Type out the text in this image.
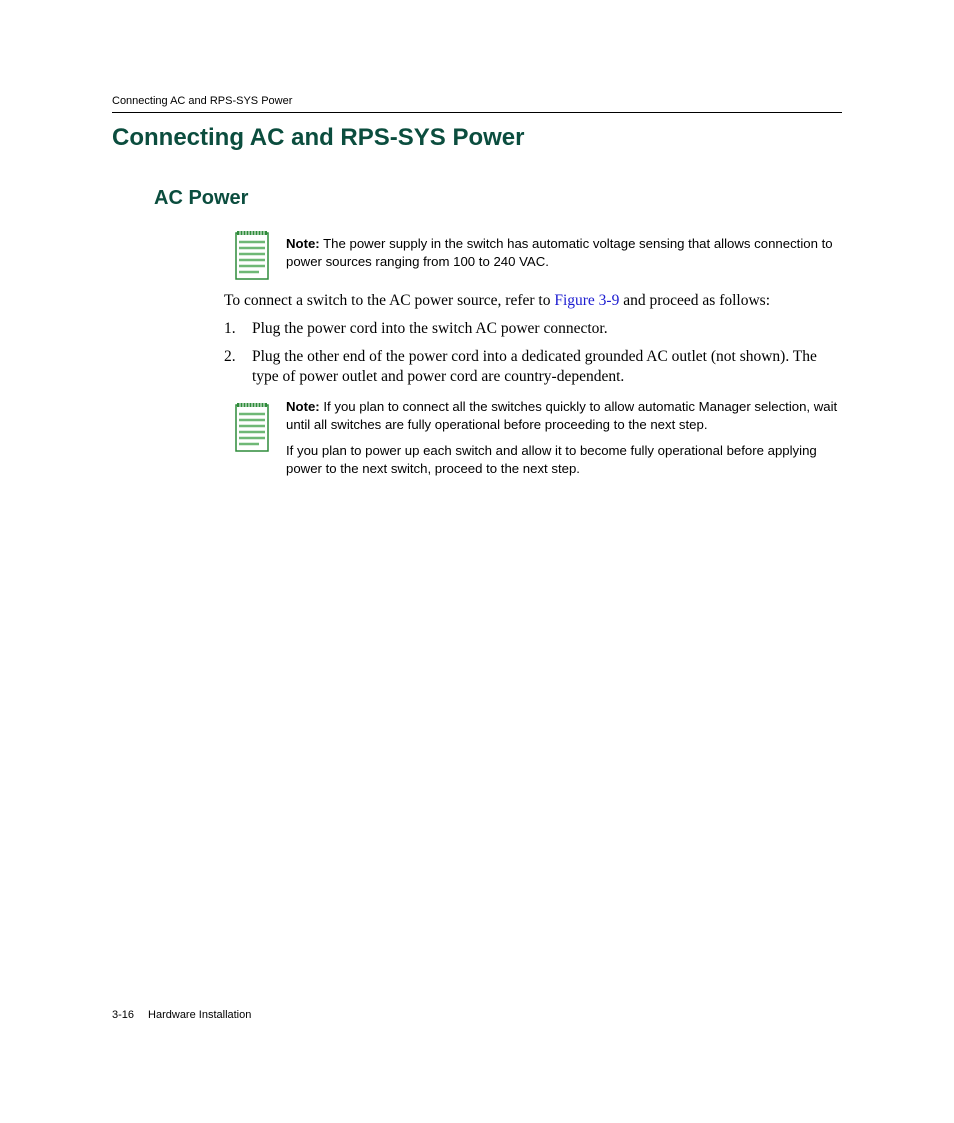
Connecting AC and RPS-SYS Power
Connecting AC and RPS-SYS Power
AC Power

Note: The power supply in the switch has automatic voltage sensing that allows connection to power sources ranging from 100 to 240 VAC.

To connect a switch to the AC power source, refer to Figure 3-9 and proceed as follows:
1. Plug the power cord into the switch AC power connector.
2. Plug the other end of the power cord into a dedicated grounded AC outlet (not shown). The type of power outlet and power cord are country-dependent.

Note: If you plan to connect all the switches quickly to allow automatic Manager selection, wait until all switches are fully operational before proceeding to the next step.

If you plan to power up each switch and allow it to become fully operational before applying power to the next switch, proceed to the next step.

3-16 Hardware Installation
